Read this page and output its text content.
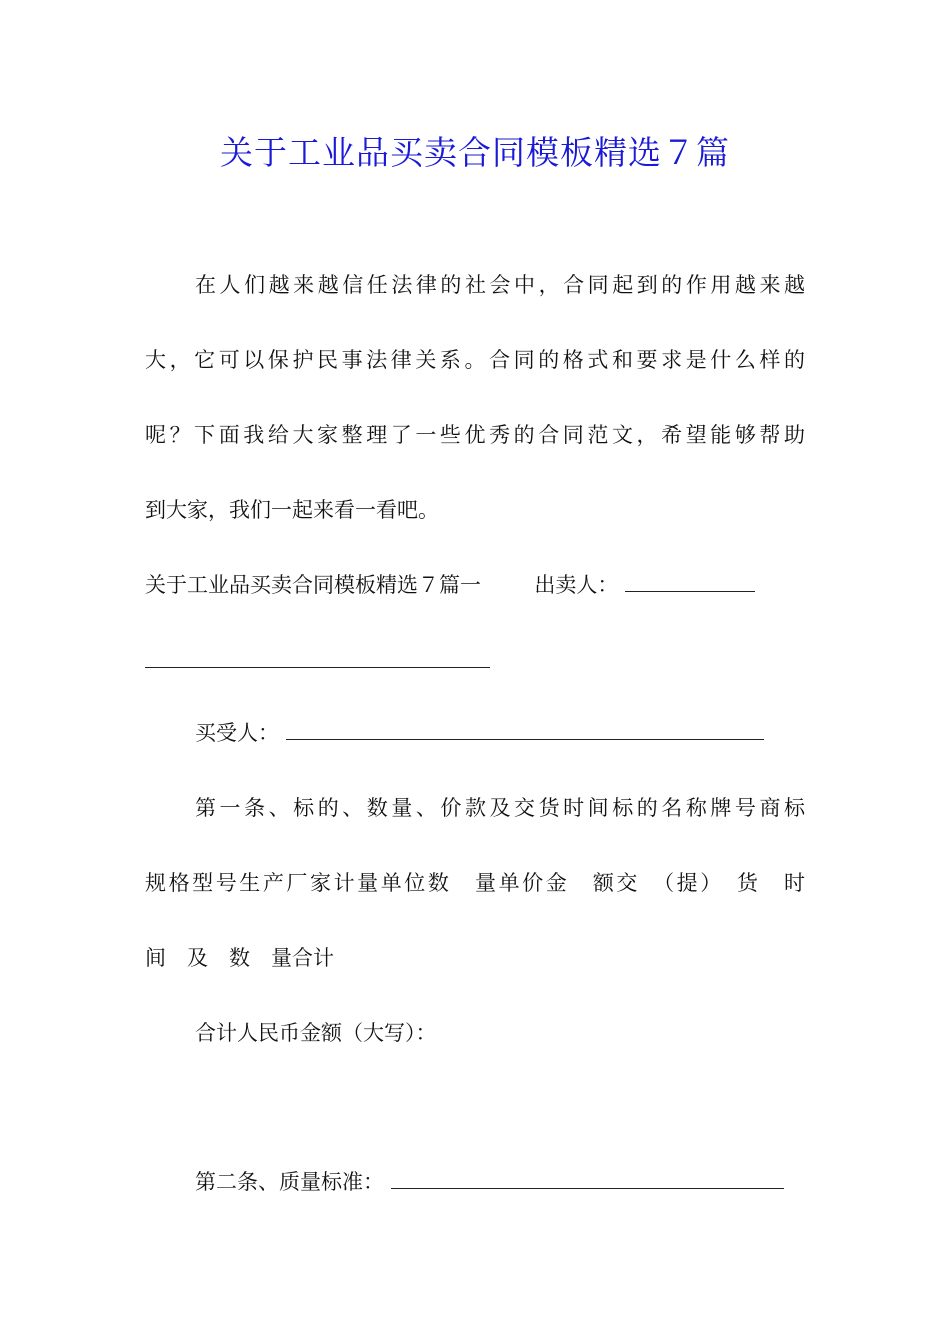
关于工业品买卖合同模板精选７篇
在人们越来越信任法律的社会中，合同起到的作用越来越
大，它可以保护民事法律关系。合同的格式和要求是什么样的
呢？下面我给大家整理了一些优秀的合同范文，希望能够帮助
到大家，我们一起来看一看吧。
关于工业品买卖合同模板精选７篇一	出卖人：
买受人：
第一条、标的、数量、价款及交货时间标的名称牌号商标
规格型号生产厂家计量单位数　量单价金　额交　（提）　货　时
间　及　数　量合计
合计人民币金额（大写）：
第二条、质量标准：
